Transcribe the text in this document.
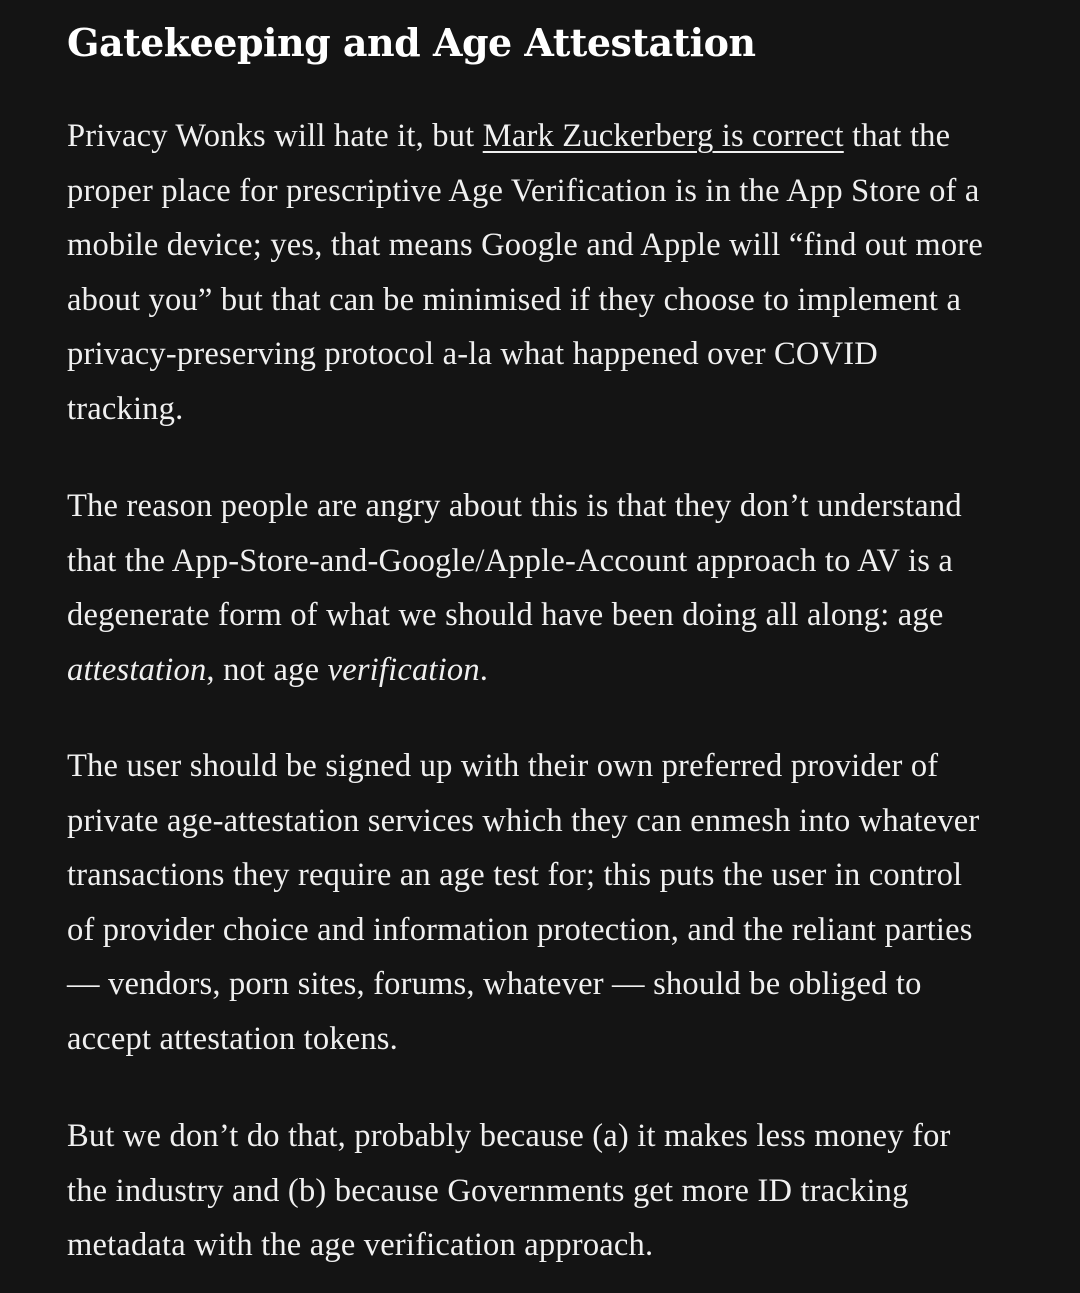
Gatekeeping and Age Attestation

Privacy Wonks will hate it, but Mark Zuckerberg is correct that the proper place for prescriptive Age Verification is in the App Store of a mobile device; yes, that means Google and Apple will “find out more about you” but that can be minimised if they choose to implement a privacy-preserving protocol a-la what happened over COVID tracking.

The reason people are angry about this is that they don’t understand that the App-Store-and-Google/Apple-Account approach to AV is a degenerate form of what we should have been doing all along: age attestation, not age verification.

The user should be signed up with their own preferred provider of private age-attestation services which they can enmesh into whatever transactions they require an age test for; this puts the user in control of provider choice and information protection, and the reliant parties — vendors, porn sites, forums, whatever — should be obliged to accept attestation tokens.

But we don’t do that, probably because (a) it makes less money for the industry and (b) because Governments get more ID tracking metadata with the age verification approach.
